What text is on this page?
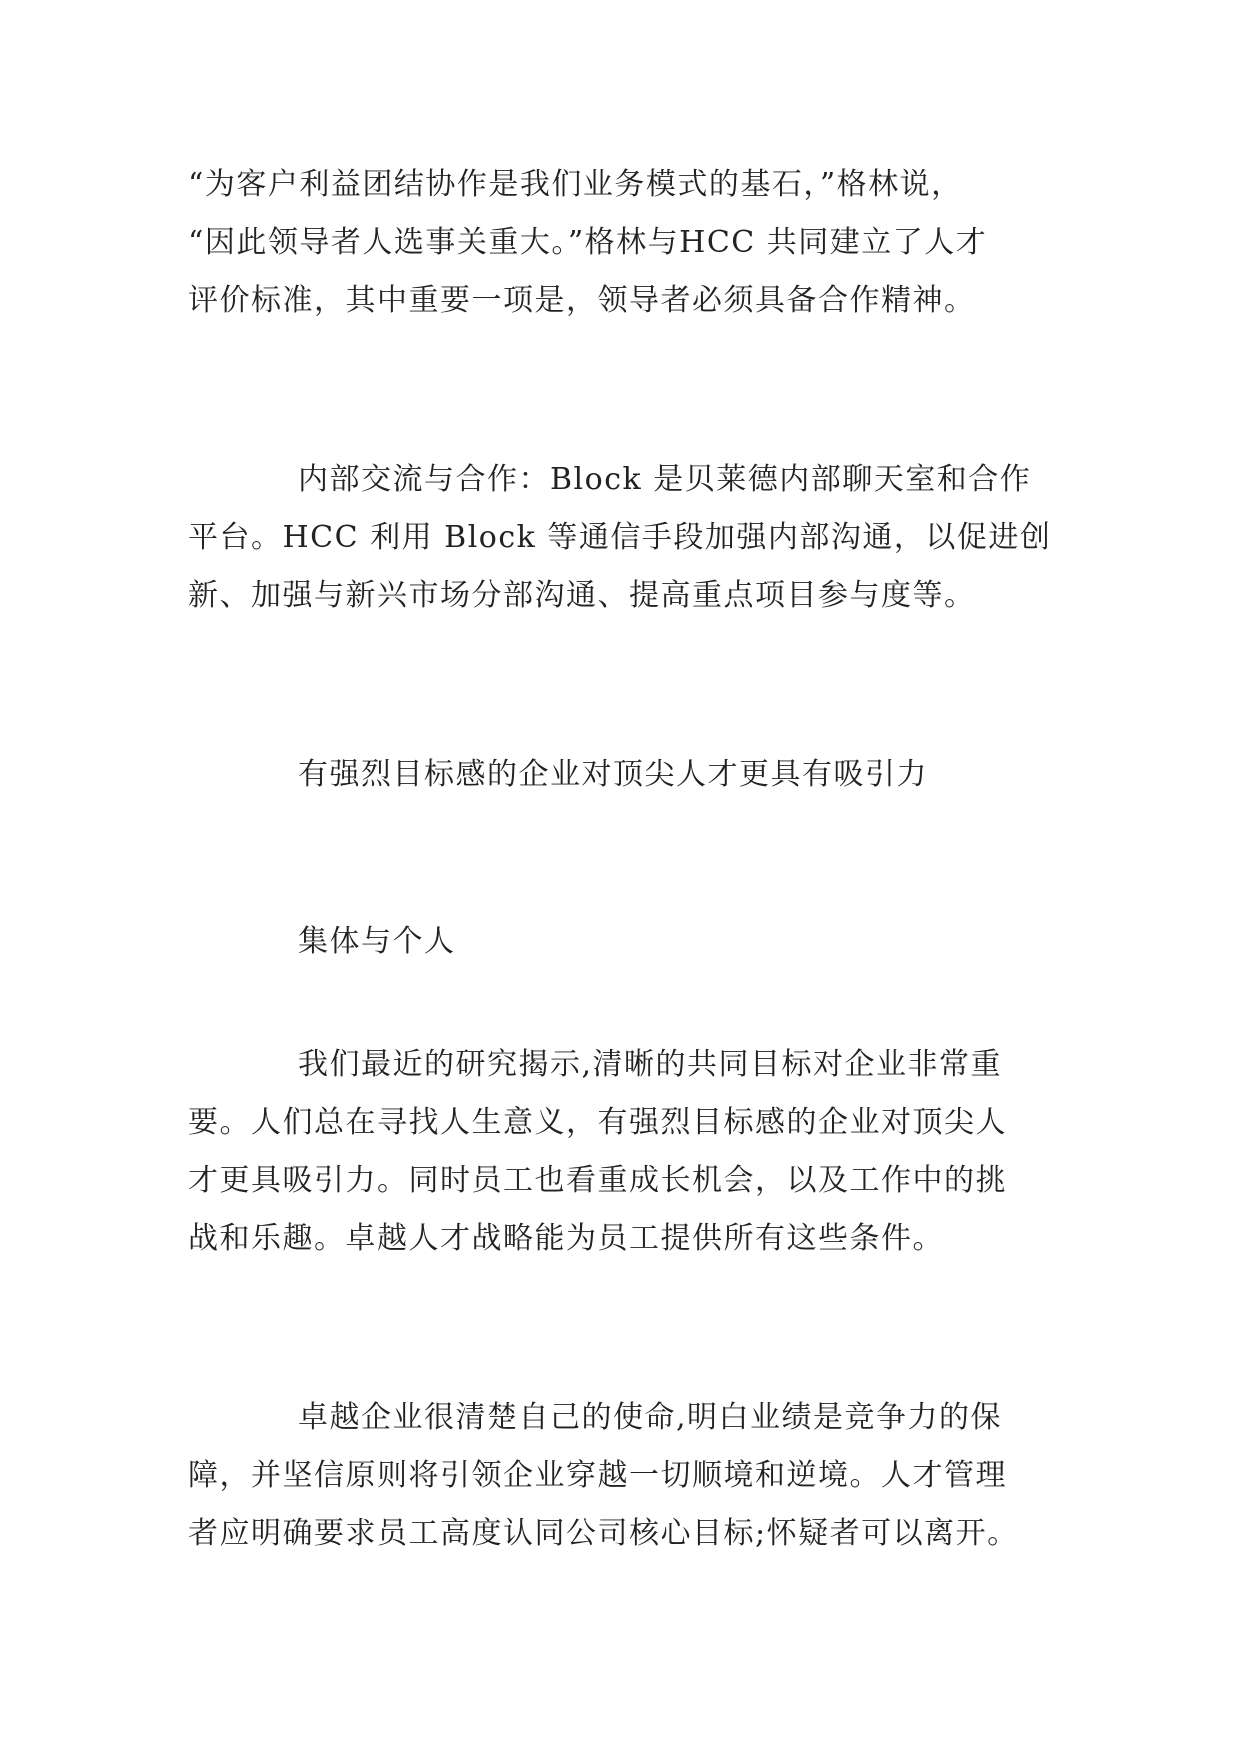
“为客户利益团结协作是我们业务模式的基石，”格林说，
“因此领导者人选事关重大。”格林与HCC 共同建立了人才
评价标准，其中重要一项是，领导者必须具备合作精神。
内部交流与合作：Block 是贝莱德内部聊天室和合作
平台。HCC 利用 Block 等通信手段加强内部沟通，以促进创
新、加强与新兴市场分部沟通、提高重点项目参与度等。
有强烈目标感的企业对顶尖人才更具有吸引力
集体与个人
我们最近的研究揭示,清晰的共同目标对企业非常重
要。人们总在寻找人生意义，有强烈目标感的企业对顶尖人
才更具吸引力。同时员工也看重成长机会，以及工作中的挑
战和乐趣。卓越人才战略能为员工提供所有这些条件。
卓越企业很清楚自己的使命,明白业绩是竞争力的保
障，并坚信原则将引领企业穿越一切顺境和逆境。人才管理
者应明确要求员工高度认同公司核心目标;怀疑者可以离开。
